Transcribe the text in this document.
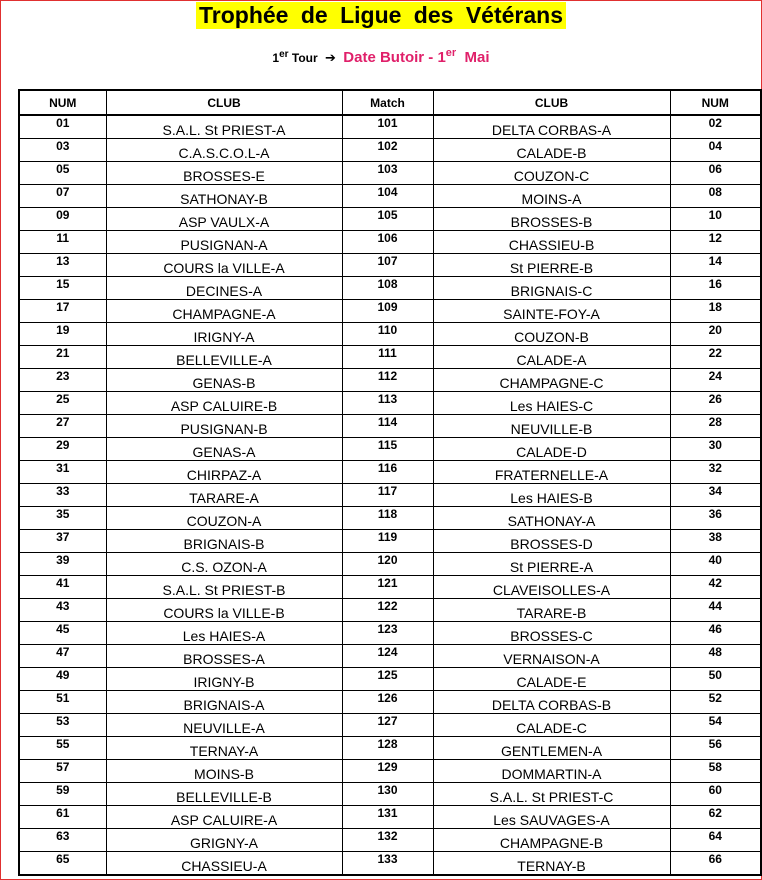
Trophée de Ligue des Vétérans
1er Tour ➔ Date Butoir - 1er Mai
NUM	CLUB	Match	CLUB	NUM
01	S.A.L. St PRIEST-A	101	DELTA CORBAS-A	02
03	C.A.S.C.O.L-A	102	CALADE-B	04
05	BROSSES-E	103	COUZON-C	06
07	SATHONAY-B	104	MOINS-A	08
09	ASP VAULX-A	105	BROSSES-B	10
11	PUSIGNAN-A	106	CHASSIEU-B	12
13	COURS la VILLE-A	107	St PIERRE-B	14
15	DECINES-A	108	BRIGNAIS-C	16
17	CHAMPAGNE-A	109	SAINTE-FOY-A	18
19	IRIGNY-A	110	COUZON-B	20
21	BELLEVILLE-A	111	CALADE-A	22
23	GENAS-B	112	CHAMPAGNE-C	24
25	ASP CALUIRE-B	113	Les HAIES-C	26
27	PUSIGNAN-B	114	NEUVILLE-B	28
29	GENAS-A	115	CALADE-D	30
31	CHIRPAZ-A	116	FRATERNELLE-A	32
33	TARARE-A	117	Les HAIES-B	34
35	COUZON-A	118	SATHONAY-A	36
37	BRIGNAIS-B	119	BROSSES-D	38
39	C.S. OZON-A	120	St PIERRE-A	40
41	S.A.L. St PRIEST-B	121	CLAVEISOLLES-A	42
43	COURS la VILLE-B	122	TARARE-B	44
45	Les HAIES-A	123	BROSSES-C	46
47	BROSSES-A	124	VERNAISON-A	48
49	IRIGNY-B	125	CALADE-E	50
51	BRIGNAIS-A	126	DELTA CORBAS-B	52
53	NEUVILLE-A	127	CALADE-C	54
55	TERNAY-A	128	GENTLEMEN-A	56
57	MOINS-B	129	DOMMARTIN-A	58
59	BELLEVILLE-B	130	S.A.L. St PRIEST-C	60
61	ASP CALUIRE-A	131	Les SAUVAGES-A	62
63	GRIGNY-A	132	CHAMPAGNE-B	64
65	CHASSIEU-A	133	TERNAY-B	66
